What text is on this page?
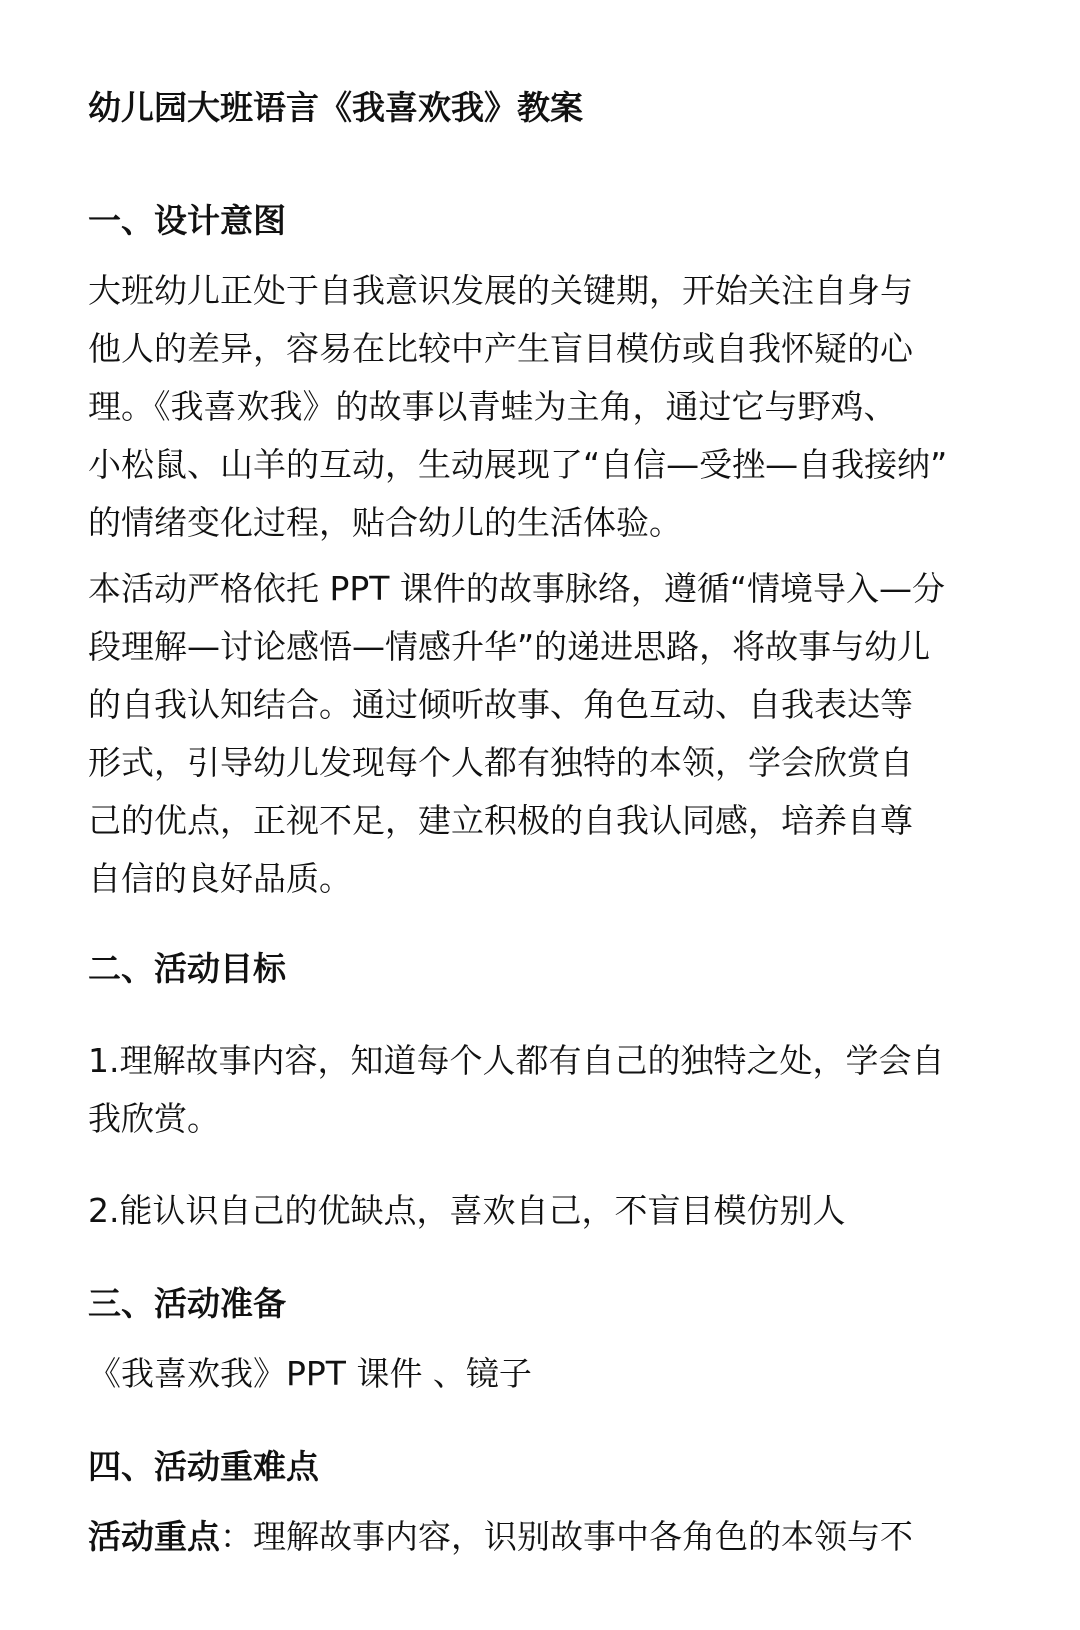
幼儿园大班语言《我喜欢我》教案
一、设计意图

大班幼儿正处于自我意识发展的关键期，开始关注自身与
他人的差异，容易在比较中产生盲目模仿或自我怀疑的心
理。《我喜欢我》的故事以青蛙为主角，通过它与野鸡、
小松鼠、山羊的互动，生动展现了“自信—受挫—自我接纳”
的情绪变化过程，贴合幼儿的生活体验。

本活动严格依托 PPT 课件的故事脉络，遵循“情境导入—分
段理解—讨论感悟—情感升华”的递进思路，将故事与幼儿
的自我认知结合。通过倾听故事、角色互动、自我表达等
形式，引导幼儿发现每个人都有独特的本领，学会欣赏自
己的优点，正视不足，建立积极的自我认同感，培养自尊
自信的良好品质。

二、活动目标

1.理解故事内容，知道每个人都有自己的独特之处，学会自
我欣赏。

2.能认识自己的优缺点，喜欢自己，不盲目模仿别人

三、活动准备

《我喜欢我》PPT 课件 、镜子

四、活动重难点

活动重点：理解故事内容，识别故事中各角色的本领与不
